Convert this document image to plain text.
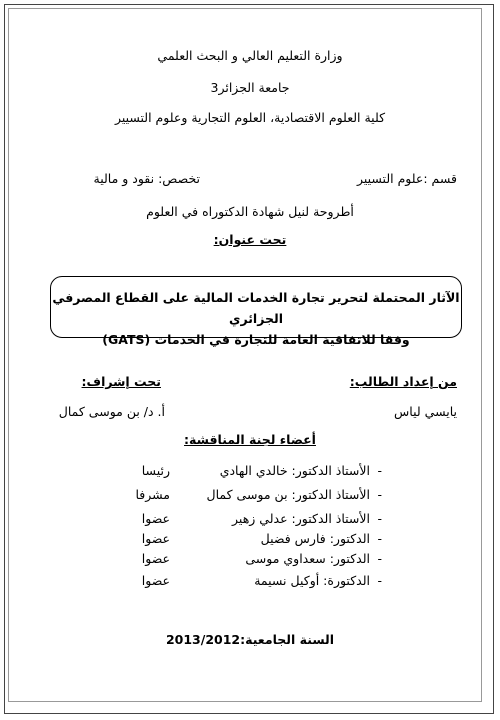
وزارة التعليم العالي و البحث العلمي
جامعة الجزائر3
كلية العلوم الاقتصادية، العلوم التجارية وعلوم التسيير
قسم :علوم التسيير
تخصص: نقود و مالية
أطروحة لنيل شهادة الدكتوراه في العلوم
تحت عنوان:
الآثار المحتملة لتحرير تجارة الخدمات المالية على القطاع المصرفي الجزائري
وفقا للاتفاقية العامة للتجارة في الخدمات (GATS)
من إعداد الطالب:
يايسي لياس
تحت إشراف:
أ. د/ بن موسى كمال
أعضاء لجنة المناقشة:
-الأستاذ الدكتور: خالدي الهاديرئيسا
-الأستاذ الدكتور: بن موسى كمالمشرفا
-الأستاذ الدكتور: عدلي زهيرعضوا
-الدكتور: فارس فضيلعضوا
-الدكتور: سعداوي موسىعضوا
-الدكتورة: أوكيل نسيمةعضوا
السنة الجامعية:2013/2012
